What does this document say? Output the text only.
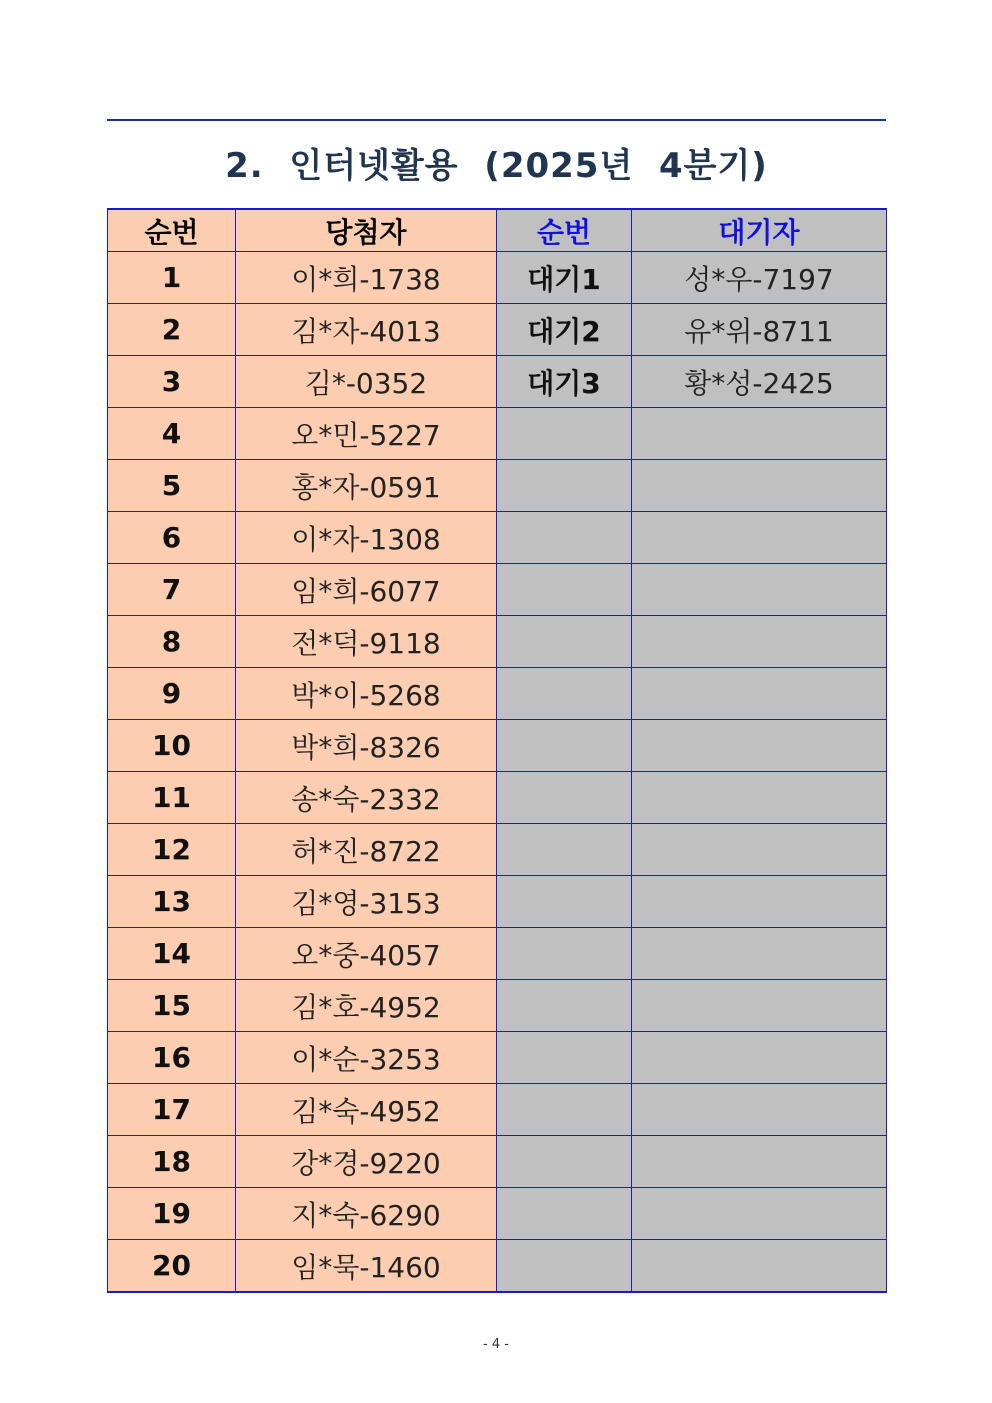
2.  인터넷활용  (2025년  4분기)
순번	당첨자	순번	대기자
1	이*희-1738	대기1	성*우-7197
2	김*자-4013	대기2	유*위-8711
3	김*-0352	대기3	황*성-2425
4	오*민-5227		
5	홍*자-0591		
6	이*자-1308		
7	임*희-6077		
8	전*덕-9118		
9	박*이-5268		
10	박*희-8326		
11	송*숙-2332		
12	허*진-8722		
13	김*영-3153		
14	오*중-4057		
15	김*호-4952		
16	이*순-3253		
17	김*숙-4952		
18	강*경-9220		
19	지*숙-6290		
20	임*묵-1460		
- 4 -
